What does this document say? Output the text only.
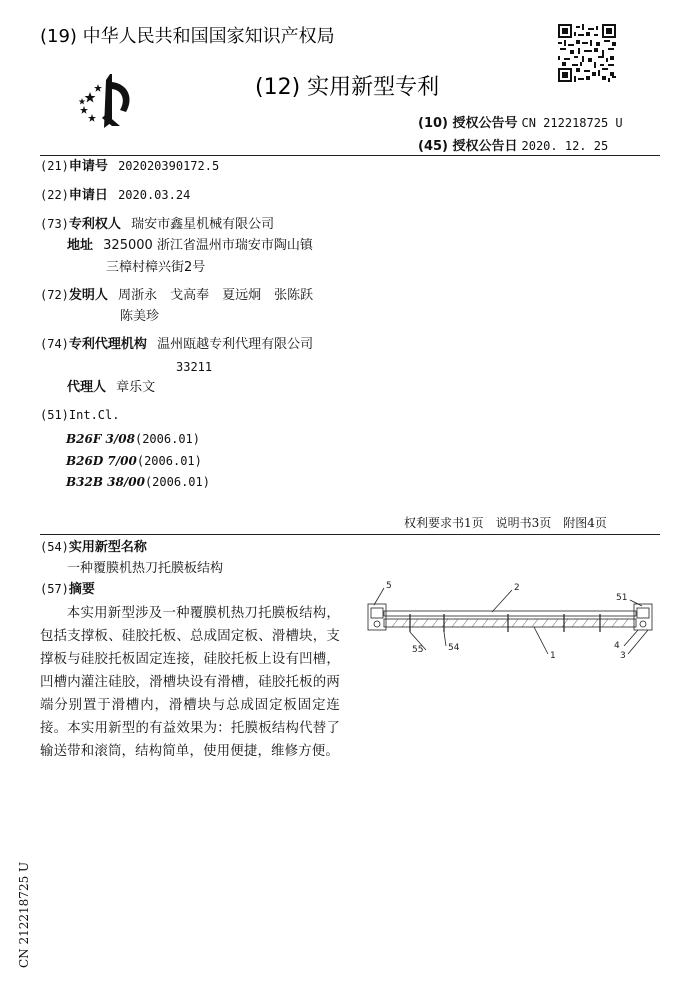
(19) 中华人民共和国国家知识产权局
(12) 实用新型专利
(10) 授权公告号 CN 212218725 U
(45) 授权公告日 2020. 12. 25
(21)申请号 202020390172.5
(22)申请日 2020.03.24
(73)专利权人 瑞安市鑫星机械有限公司
地址 325000 浙江省温州市瑞安市陶山镇
三樟村樟兴街2号
(72)发明人 周浙永　戈高奉　夏远炯　张陈跃
陈美珍
(74)专利代理机构 温州瓯越专利代理有限公司
33211
代理人 章乐文
(51)Int.Cl.
B26F 3/08(2006.01)
B26D 7/00(2006.01)
B32B 38/00(2006.01)
权利要求书1页　说明书3页　附图4页
(54)实用新型名称
一种覆膜机热刀托膜板结构
(57)摘要
本实用新型涉及一种覆膜机热刀托膜板结构，包括支撑板、硅胶托板、总成固定板、滑槽块，支撑板与硅胶托板固定连接，硅胶托板上设有凹槽，凹槽内灌注硅胶，滑槽块设有滑槽，硅胶托板的两端分别置于滑槽内，滑槽块与总成固定板固定连接。本实用新型的有益效果为：托膜板结构代替了输送带和滚筒，结构简单，使用便捷，维修方便。
5	2
51
55	54
1
4
3
CN 212218725 U
